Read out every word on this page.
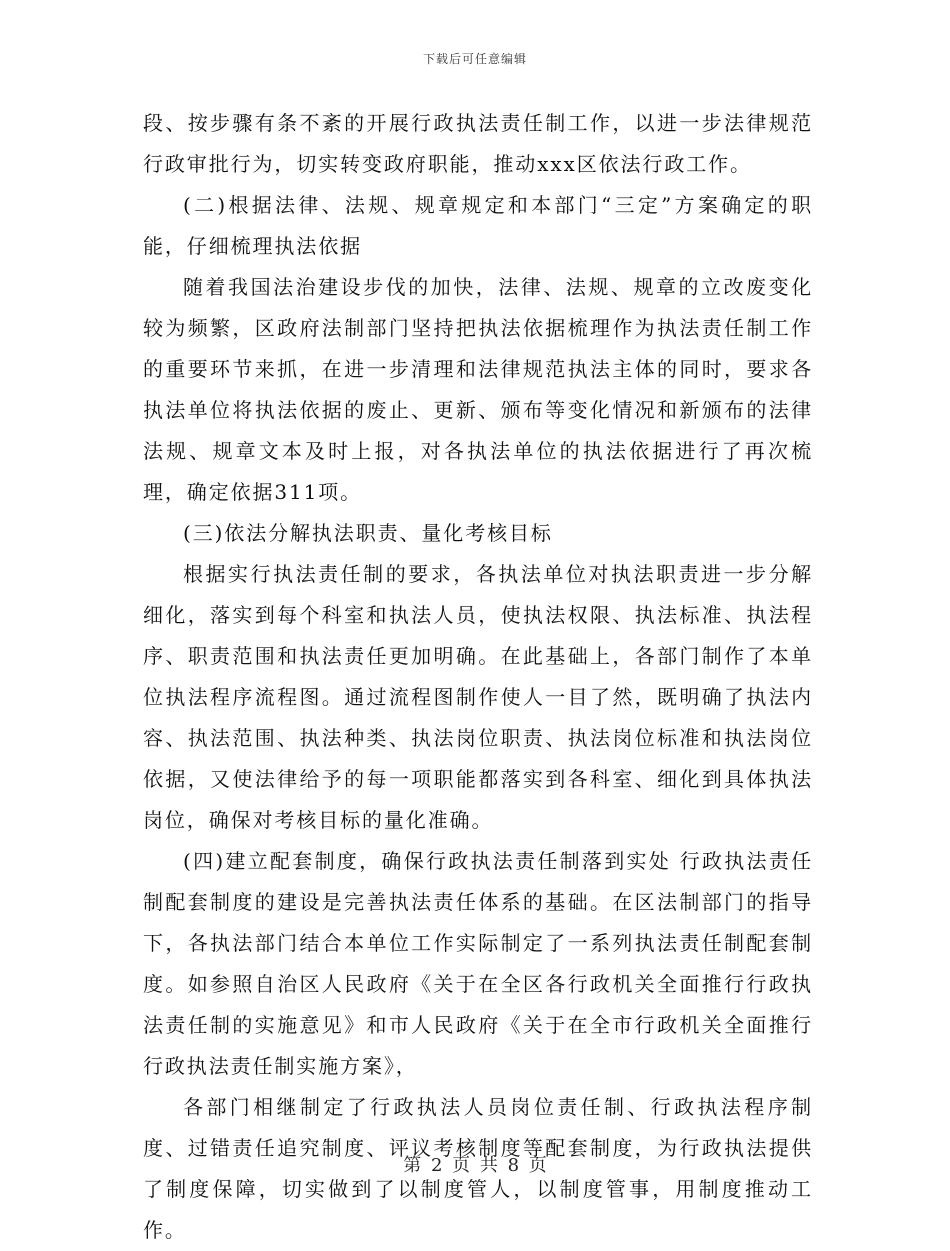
下载后可任意编辑

段、按步骤有条不紊的开展行政执法责任制工作，以进一步法律规范行政审批行为，切实转变政府职能，推动xxx区依法行政工作。

(二)根据法律、法规、规章规定和本部门“三定”方案确定的职能，仔细梳理执法依据

随着我国法治建设步伐的加快，法律、法规、规章的立改废变化较为频繁，区政府法制部门坚持把执法依据梳理作为执法责任制工作的重要环节来抓，在进一步清理和法律规范执法主体的同时，要求各执法单位将执法依据的废止、更新、颁布等变化情况和新颁布的法律法规、规章文本及时上报，对各执法单位的执法依据进行了再次梳理，确定依据311项。

(三)依法分解执法职责、量化考核目标

根据实行执法责任制的要求，各执法单位对执法职责进一步分解细化，落实到每个科室和执法人员，使执法权限、执法标准、执法程序、职责范围和执法责任更加明确。在此基础上，各部门制作了本单位执法程序流程图。通过流程图制作使人一目了然，既明确了执法内容、执法范围、执法种类、执法岗位职责、执法岗位标准和执法岗位依据，又使法律给予的每一项职能都落实到各科室、细化到具体执法岗位，确保对考核目标的量化准确。

(四)建立配套制度，确保行政执法责任制落到实处 行政执法责任制配套制度的建设是完善执法责任体系的基础。在区法制部门的指导下，各执法部门结合本单位工作实际制定了一系列执法责任制配套制度。如参照自治区人民政府《关于在全区各行政机关全面推行行政执法责任制的实施意见》和市人民政府《关于在全市行政机关全面推行行政执法责任制实施方案》，

各部门相继制定了行政执法人员岗位责任制、行政执法程序制度、过错责任追究制度、评议考核制度等配套制度，为行政执法提供了制度保障，切实做到了以制度管人，以制度管事，用制度推动工作。

第 2 页 共 8 页
